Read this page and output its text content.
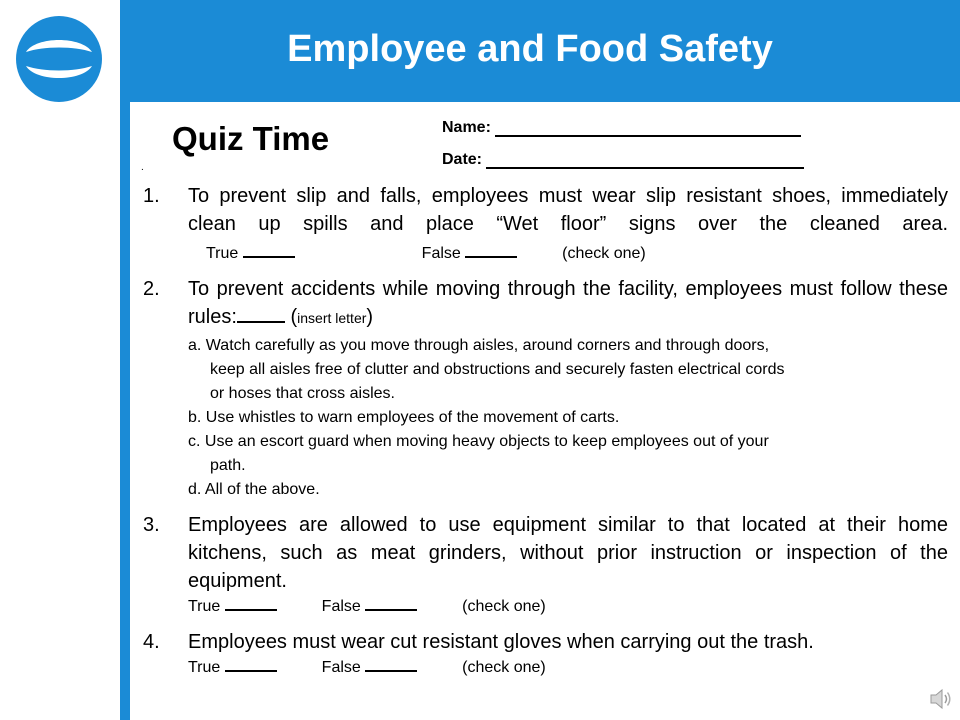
Employee and Food Safety
Quiz Time
.
Name:
Date:
1.	To prevent slip and falls, employees must wear slip resistant shoes, immediately clean up spills and place “Wet floor” signs over the cleaned area. True	False	(check one)
2.	To prevent accidents while moving through the facility, employees must follow these rules:	(insert letter)
a. Watch carefully as you move through aisles, around corners and through doors,
keep all aisles free of clutter and obstructions and securely fasten electrical cords
or hoses that cross aisles.
b. Use whistles to warn employees of the movement of carts.
c. Use an escort guard when moving heavy objects to keep employees out of your
path.
d. All of the above.
3.	Employees are allowed to use equipment similar to that located at their home kitchens, such as meat grinders, without prior instruction or inspection of the equipment.
True	False	(check one)
4.	Employees must wear cut resistant gloves when carrying out the trash.
True	False	(check one)
